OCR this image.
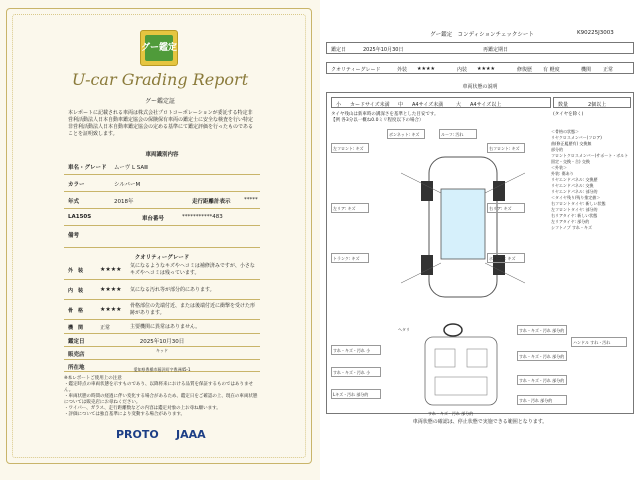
グー鑑定
U-car Grading Report
グー鑑定証
本レポートに記載される車両は株式会社プロトコーポレーションが委託する特定非営利活動法人日本自動車鑑定協会の保険保有車両の鑑定士に安全な検査を行い特定非営利活動法人日本自動車鑑定協会の定める基準にて鑑定評価を行ったものであることを証明致します。
車両識別内容
車名・グレード ムーヴ L SAⅢ
カラー	シルバーM
年式	2018年	走行距離計表示 *****
LA150S	車台番号	***********483
備考
クオリティーグレード
外　装	★★★★ 気になるようなキズやヘコミは補修済みですが、小さなキズやヘコミは残っています。
内　装	★★★★ 気になる汚れ等が部分的にあります。
骨　格	★★★★ 骨格部位の先端付近、または後端付近に衝撃を受けた形跡があります。
機　関	正常	主要機関に異常はありません。
鑑定日	2025年10月30日
販売店
キッド
所在地	愛知県豊橋市藤沢町字豊洲45-1
※本レポートご使用上の注意
・鑑定時点の車両状態を示すものであり、以降将来における品質を保証するものではありません。
・車両状態の時間の経過に伴い変化する場合があるため、鑑定日をご確認の上、現在の車両状態については販売店にお尋ねください。
・ワイパー、ガラス、走行距離数などの内容は鑑定対象の上お尋ね願います。
・評価については独自基準により変動する場合があります。
PROTO JAAA
グー鑑定　コンディションチェックシート	K90225J3003
鑑定日	2025年10月30日	再鑑定期日
クオリティーグレード	外装 ★★★★	内装 ★★★★	修復歴 有 軽度	機関 正常
車両状態の説明
小 カードサイズ未満 中 A4サイズ未満	大 A4サイズ以上	数量	2個以上
タイヤ残山は新車時の溝深さを基準とした目安です。
【例 各3分以一概ね0.0ミリ程度以下の場合）
(タイヤを除く)
左フロント: キズ
左リア: キズ
右フロント: キズ
右リア: キズ
ボンネット: キズ	ルーフ: 汚れ
トランク: キズ	ホイール: キズ
＜骨格の状態＞
リヤクロスメンバー(フロア)
曲(修正履歴有) 交換無
部分的
フロントクロスメンバー(サポート・ボルト固定・交換・合) 交換
＜外装＞
外装: 傷あり
リヤエンドパネル: 交換歴
リヤエンドパネル: 交換
リヤエンドパネル: 部分的
＜タイヤ残り/残り推定値＞
右フロントタイヤ: 新しい状態
左フロントタイヤ: 部分的
右リアタイヤ: 新しい状態
左リアタイヤ: 部分的
シフトノブ すれ・キズ
すれ・キズ・汚れ 小
すれ・キズ・汚れ 小
Lキズ・汚れ 部分的
すれ・キズ・汚れ 部分的
すれ・キズ・汚れ 部分的
すれ・キズ・汚れ 部分的
すれ・汚れ 部分的
すれ・キズ・汚れ 部分的
ハンドル すれ・汚れ
ヘタリ
車両状態の確認は、停止状態で実施できる範囲となります。
